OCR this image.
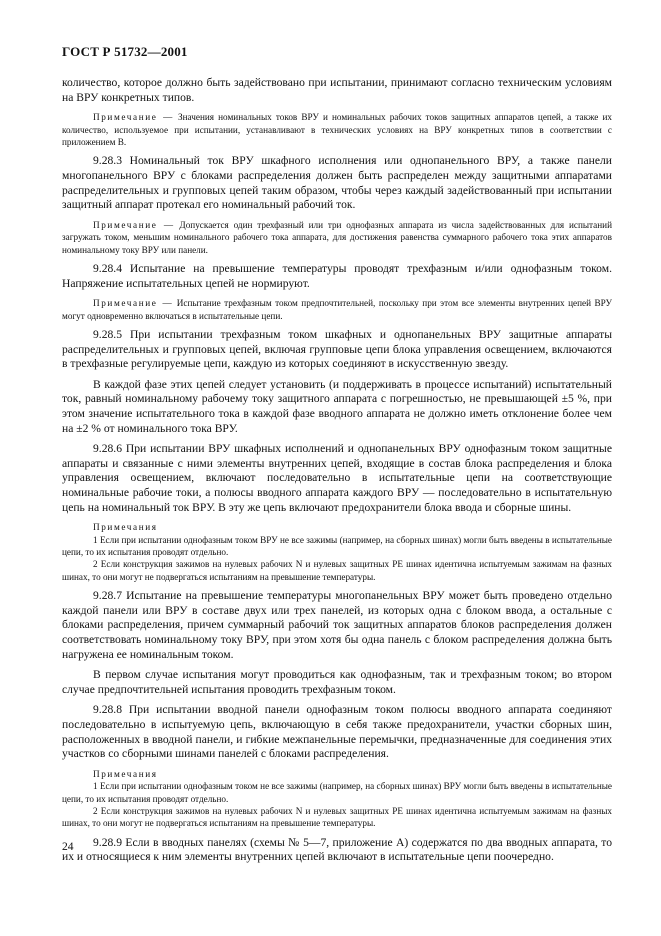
ГОСТ Р 51732—2001

количество, которое должно быть задействовано при испытании, принимают согласно техническим условиям на ВРУ конкретных типов.

Примечание — Значения номинальных токов ВРУ и номинальных рабочих токов защитных аппаратов цепей, а также их количество, используемое при испытании, устанавливают в технических условиях на ВРУ конкретных типов в соответствии с приложением В.

9.28.3 Номинальный ток ВРУ шкафного исполнения или однопанельного ВРУ, а также панели многопанельного ВРУ с блоками распределения должен быть распределен между защитными аппаратами распределительных и групповых цепей таким образом, чтобы через каждый задействованный при испытании защитный аппарат протекал его номинальный рабочий ток.

Примечание — Допускается один трехфазный или три однофазных аппарата из числа задействованных для испытаний загружать током, меньшим номинального рабочего тока аппарата, для достижения равенства суммарного рабочего тока этих аппаратов номинальному току ВРУ или панели.

9.28.4 Испытание на превышение температуры проводят трехфазным и/или однофазным током. Напряжение испытательных цепей не нормируют.

Примечание — Испытание трехфазным током предпочтительней, поскольку при этом все элементы внутренних цепей ВРУ могут одновременно включаться в испытательные цепи.

9.28.5 При испытании трехфазным током шкафных и однопанельных ВРУ защитные аппараты распределительных и групповых цепей, включая групповые цепи блока управления освещением, включаются в трехфазные регулируемые цепи, каждую из которых соединяют в искусственную звезду.

В каждой фазе этих цепей следует установить (и поддерживать в процессе испытаний) испытательный ток, равный номинальному рабочему току защитного аппарата с погрешностью, не превышающей ±5 %, при этом значение испытательного тока в каждой фазе вводного аппарата не должно иметь отклонение более чем на ±2 % от номинального тока ВРУ.

9.28.6 При испытании ВРУ шкафных исполнений и однопанельных ВРУ однофазным током защитные аппараты и связанные с ними элементы внутренних цепей, входящие в состав блока распределения и блока управления освещением, включают последовательно в испытательные цепи на соответствующие номинальные рабочие токи, а полюсы вводного аппарата каждого ВРУ — последовательно в испытательную цепь на номинальный ток ВРУ. В эту же цепь включают предохранители блока ввода и сборные шины.

Примечания

1 Если при испытании однофазным током ВРУ не все зажимы (например, на сборных шинах) могли быть введены в испытательные цепи, то их испытания проводят отдельно.

2 Если конструкция зажимов на нулевых рабочих N и нулевых защитных PE шинах идентична испытуемым зажимам на фазных шинах, то они могут не подвергаться испытаниям на превышение температуры.

9.28.7 Испытание на превышение температуры многопанельных ВРУ может быть проведено отдельно каждой панели или ВРУ в составе двух или трех панелей, из которых одна с блоком ввода, а остальные с блоками распределения, причем суммарный рабочий ток защитных аппаратов блоков распределения должен соответствовать номинальному току ВРУ, при этом хотя бы одна панель с блоком распределения должна быть нагружена ее номинальным током.

В первом случае испытания могут проводиться как однофазным, так и трехфазным током; во втором случае предпочтительней испытания проводить трехфазным током.

9.28.8 При испытании вводной панели однофазным током полюсы вводного аппарата соединяют последовательно в испытуемую цепь, включающую в себя также предохранители, участки сборных шин, расположенных в вводной панели, и гибкие межпанельные перемычки, предназначенные для соединения этих участков со сборными шинами панелей с блоками распределения.

Примечания

1 Если при испытании однофазным током не все зажимы (например, на сборных шинах) ВРУ могли быть введены в испытательные цепи, то их испытания проводят отдельно.

2 Если конструкция зажимов на нулевых рабочих N и нулевых защитных PE шинах идентична испытуемым зажимам на фазных шинах, то они могут не подвергаться испытаниям на превышение температуры.

9.28.9 Если в вводных панелях (схемы № 5—7, приложение А) содержатся по два вводных аппарата, то их и относящиеся к ним элементы внутренних цепей включают в испытательные цепи поочередно.

24
